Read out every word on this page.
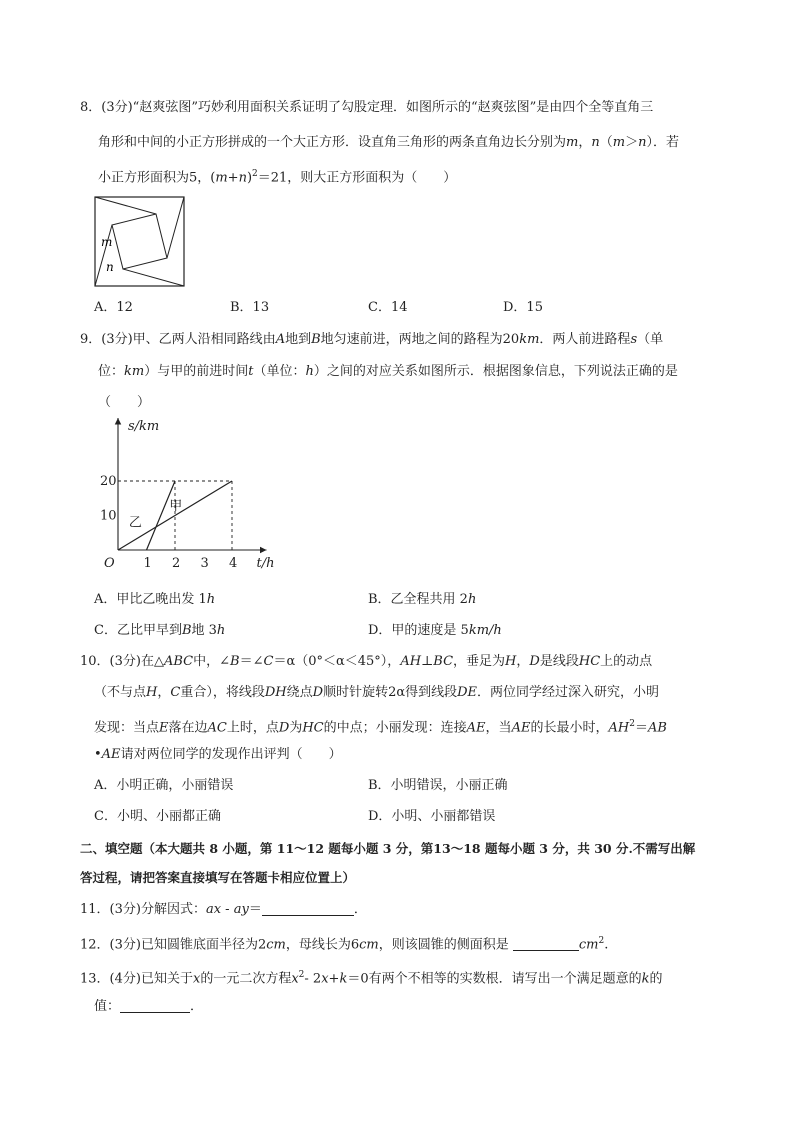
8．(3分)“赵爽弦图”巧妙利用面积关系证明了勾股定理．如图所示的“赵爽弦图”是由四个全等直角三
角形和中间的小正方形拼成的一个大正方形．设直角三角形的两条直角边长分别为m，n（m＞n）．若
小正方形面积为5，$(m+n)^2=21$，则大正方形面积为（　　）
m
n
A．12	B．13	C．14	D．15
9．(3分)甲、乙两人沿相同路线由A地到B地匀速前进，两地之间的路程为20km．两人前进路程s（单
位：km）与甲的前进时间t（单位：h）之间的对应关系如图所示．根据图象信息，下列说法正确的是
（　　）
甲
乙
1 2 3 4
10
20
O	t/h
s/km
A．甲比乙晚出发 1h	B．乙全程共用 2h
C．乙比甲早到B地 3h	D．甲的速度是 5km/h
10．(3分)在△ABC中，∠B＝∠C＝α（0°＜α＜45°），AH⊥BC，垂足为H，D是线段HC上的动点
（不与点H，C重合），将线段DH绕点D顺时针旋转2α得到线段DE．两位同学经过深入研究，小明
发现：当点E落在边AC上时，点D为HC的中点；小丽发现：连接AE，当AE的长最小时，$AH^2=AB$
•AE请对两位同学的发现作出评判（　　）
A．小明正确，小丽错误	B．小明错误，小丽正确
C．小明、小丽都正确	D．小明、小丽都错误
二、填空题（本大题共 8 小题，第 11～12 题每小题 3 分，第13～18 题每小题 3 分，共 30 分.不需写出解
答过程，请把答案直接填写在答题卡相应位置上）
11．(3分)分解因式：ax - ay＝	．
12．(3分)已知圆锥底面半径为2cm，母线长为6cm，则该圆锥的侧面积是	$cm^2$.
13．(4分)已知关于x的一元二次方程$x^2-$ 2x+k＝0有两个不相等的实数根．请写出一个满足题意的k的
值：	．
